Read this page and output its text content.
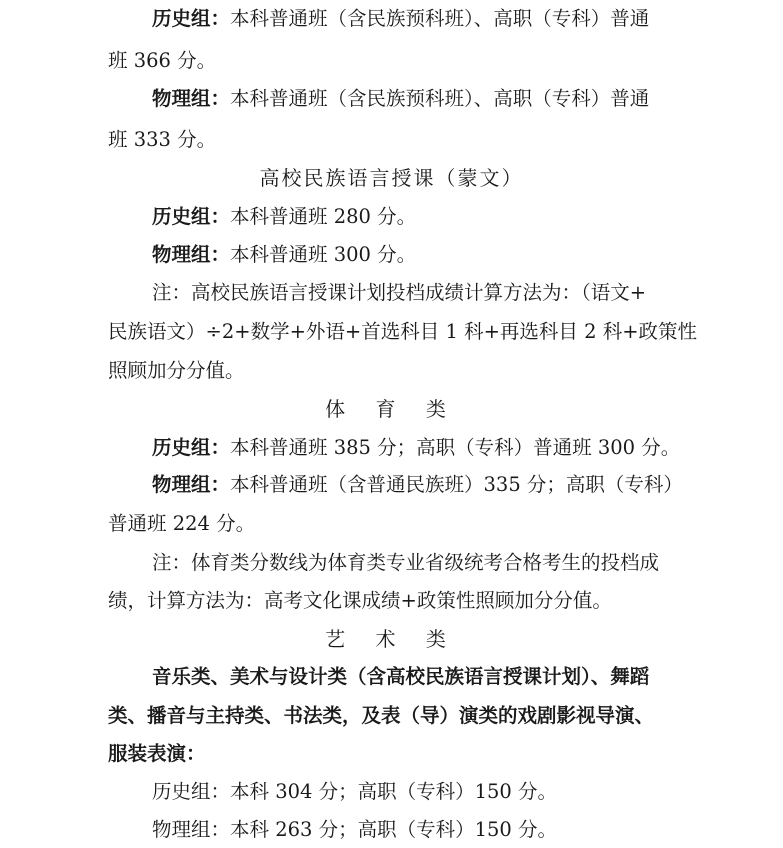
历史组：本科普通班（含民族预科班）、高职（专科）普通
班 366 分。
物理组：本科普通班（含民族预科班）、高职（专科）普通
班 333 分。
高校民族语言授课（蒙文）
历史组：本科普通班 280 分。
物理组：本科普通班 300 分。
注：高校民族语言授课计划投档成绩计算方法为：（语文+
民族语文）÷2+数学+外语+首选科目 1 科+再选科目 2 科+政策性
照顾加分分值。
体 育 类
历史组：本科普通班 385 分；高职（专科）普通班 300 分。
物理组：本科普通班（含普通民族班）335 分；高职（专科）
普通班 224 分。
注：体育类分数线为体育类专业省级统考合格考生的投档成
绩，计算方法为：高考文化课成绩+政策性照顾加分分值。
艺 术 类
音乐类、美术与设计类（含高校民族语言授课计划）、舞蹈
类、播音与主持类、书法类，及表（导）演类的戏剧影视导演、
服装表演：
历史组：本科 304 分；高职（专科）150 分。
物理组：本科 263 分；高职（专科）150 分。
